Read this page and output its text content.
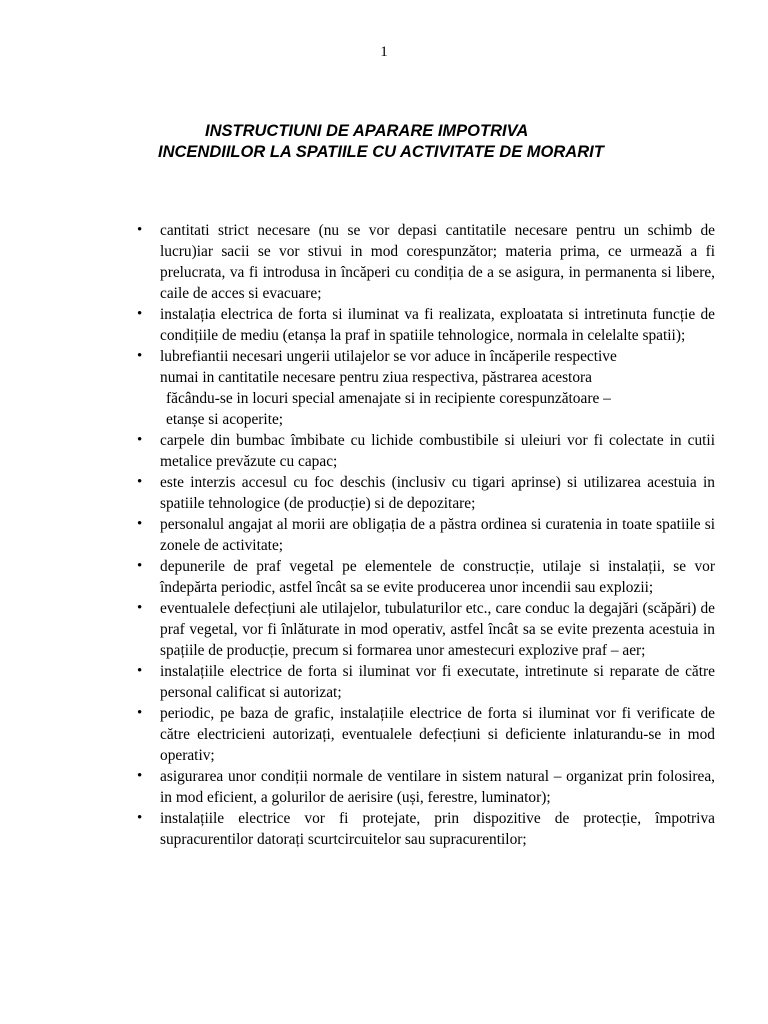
1
INSTRUCTIUNI DE APARARE IMPOTRIVA
INCENDIILOR LA SPATIILE CU ACTIVITATE DE MORARIT
•	cantitati strict necesare (nu se vor depasi cantitatile necesare pentru un schimb de lucru)iar sacii se vor stivui in mod corespunzător; materia prima, ce urmează a fi prelucrata, va fi introdusa in încăperi cu condiția de a se asigura, in permanenta si libere, caile de acces si evacuare;
•	instalația electrica de forta si iluminat va fi realizata, exploatata si intretinuta funcție de condițiile de mediu (etanșa la praf in spatiile tehnologice, normala in celelalte spatii);
•	lubrefiantii necesari ungerii utilajelor se vor aduce in încăperile respective
numai in cantitatile necesare pentru ziua respectiva, păstrarea acestora
făcându-se in locuri special amenajate si in recipiente corespunzătoare –
etanșe si acoperite;
•	carpele din bumbac îmbibate cu lichide combustibile si uleiuri vor fi colectate in cutii metalice prevăzute cu capac;
•	este interzis accesul cu foc deschis (inclusiv cu tigari aprinse) si utilizarea acestuia in spatiile tehnologice (de producție) si de depozitare;
•	personalul angajat al morii are obligația de a păstra ordinea si curatenia in toate spatiile si zonele de activitate;
•	depunerile de praf vegetal pe elementele de construcție, utilaje si instalații, se vor îndepărta periodic, astfel încât sa se evite producerea unor incendii sau explozii;
•	eventualele defecțiuni ale utilajelor, tubulaturilor etc., care conduc la degajări (scăpări) de praf vegetal, vor fi înlăturate in mod operativ, astfel încât sa se evite prezenta acestuia in spațiile de producție, precum si formarea unor amestecuri explozive praf – aer;
•	instalațiile electrice de forta si iluminat vor fi executate, intretinute si reparate de către personal calificat si autorizat;
•	periodic, pe baza de grafic, instalațiile electrice de forta si iluminat vor fi verificate de către electricieni autorizați, eventualele defecțiuni si deficiente inlaturandu-se in mod operativ;
•	asigurarea unor condiții normale de ventilare in sistem natural – organizat prin folosirea, in mod eficient, a golurilor de aerisire (uși, ferestre, luminator);
•	instalațiile electrice vor fi protejate, prin dispozitive de protecție, împotriva supracurentilor datorați scurtcircuitelor sau supracurentilor;
